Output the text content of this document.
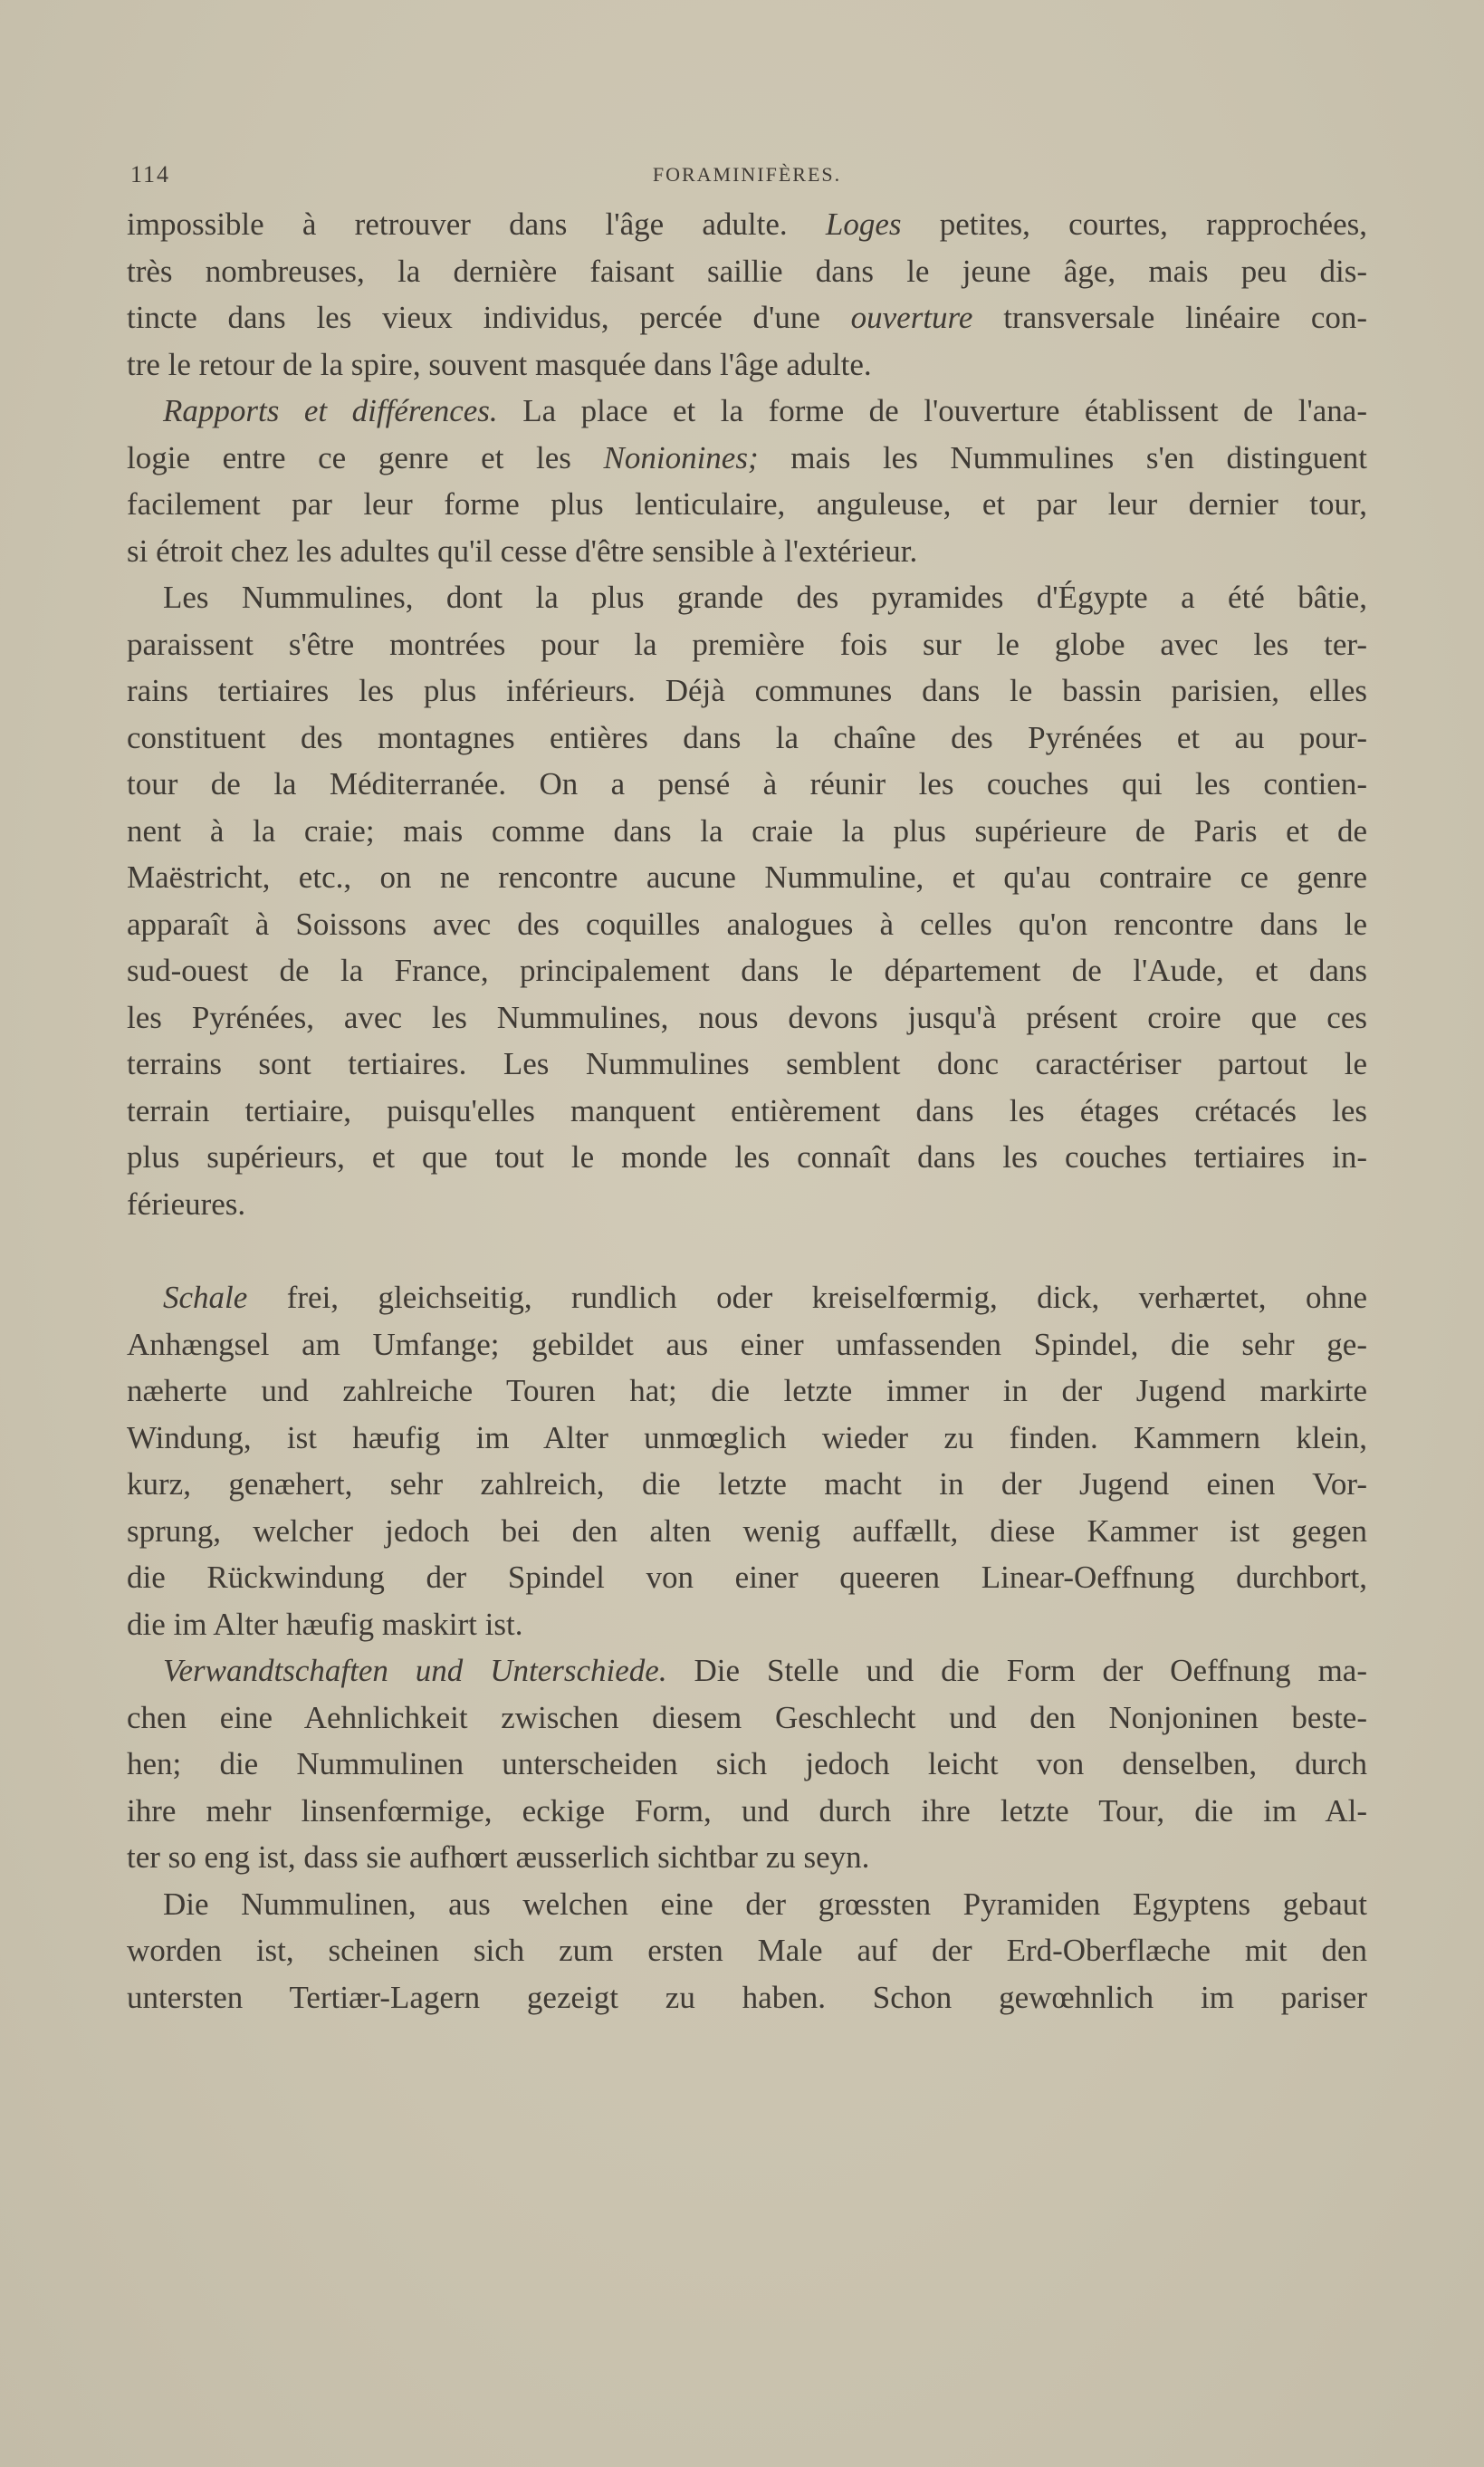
114	FORAMINIFÈRES.
impossible à retrouver dans l'âge adulte. Loges petites, courtes, rapprochées,
très nombreuses, la dernière faisant saillie dans le jeune âge, mais peu dis-
tincte dans les vieux individus, percée d'une ouverture transversale linéaire con-
tre le retour de la spire, souvent masquée dans l'âge adulte.
Rapports et différences. La place et la forme de l'ouverture établissent de l'ana-
logie entre ce genre et les Nonionines; mais les Nummulines s'en distinguent
facilement par leur forme plus lenticulaire, anguleuse, et par leur dernier tour,
si étroit chez les adultes qu'il cesse d'être sensible à l'extérieur.
Les Nummulines, dont la plus grande des pyramides d'Égypte a été bâtie,
paraissent s'être montrées pour la première fois sur le globe avec les ter-
rains tertiaires les plus inférieurs. Déjà communes dans le bassin parisien, elles
constituent des montagnes entières dans la chaîne des Pyrénées et au pour-
tour de la Méditerranée. On a pensé à réunir les couches qui les contien-
nent à la craie; mais comme dans la craie la plus supérieure de Paris et de
Maëstricht, etc., on ne rencontre aucune Nummuline, et qu'au contraire ce genre
apparaît à Soissons avec des coquilles analogues à celles qu'on rencontre dans le
sud-ouest de la France, principalement dans le département de l'Aude, et dans
les Pyrénées, avec les Nummulines, nous devons jusqu'à présent croire que ces
terrains sont tertiaires. Les Nummulines semblent donc caractériser partout le
terrain tertiaire, puisqu'elles manquent entièrement dans les étages crétacés les
plus supérieurs, et que tout le monde les connaît dans les couches tertiaires in-
férieures.
Schale frei, gleichseitig, rundlich oder kreiselfœrmig, dick, verhærtet, ohne
Anhængsel am Umfange; gebildet aus einer umfassenden Spindel, die sehr ge-
næherte und zahlreiche Touren hat; die letzte immer in der Jugend markirte
Windung, ist hæufig im Alter unmœglich wieder zu finden. Kammern klein,
kurz, genæhert, sehr zahlreich, die letzte macht in der Jugend einen Vor-
sprung, welcher jedoch bei den alten wenig auffællt, diese Kammer ist gegen
die Rückwindung der Spindel von einer queeren Linear-Oeffnung durchbort,
die im Alter hæufig maskirt ist.
Verwandtschaften und Unterschiede. Die Stelle und die Form der Oeffnung ma-
chen eine Aehnlichkeit zwischen diesem Geschlecht und den Nonjoninen beste-
hen; die Nummulinen unterscheiden sich jedoch leicht von denselben, durch
ihre mehr linsenfœrmige, eckige Form, und durch ihre letzte Tour, die im Al-
ter so eng ist, dass sie aufhœrt æusserlich sichtbar zu seyn.
Die Nummulinen, aus welchen eine der grœssten Pyramiden Egyptens gebaut
worden ist, scheinen sich zum ersten Male auf der Erd-Oberflæche mit den
untersten Tertiær-Lagern gezeigt zu haben. Schon gewœhnlich im pariser
